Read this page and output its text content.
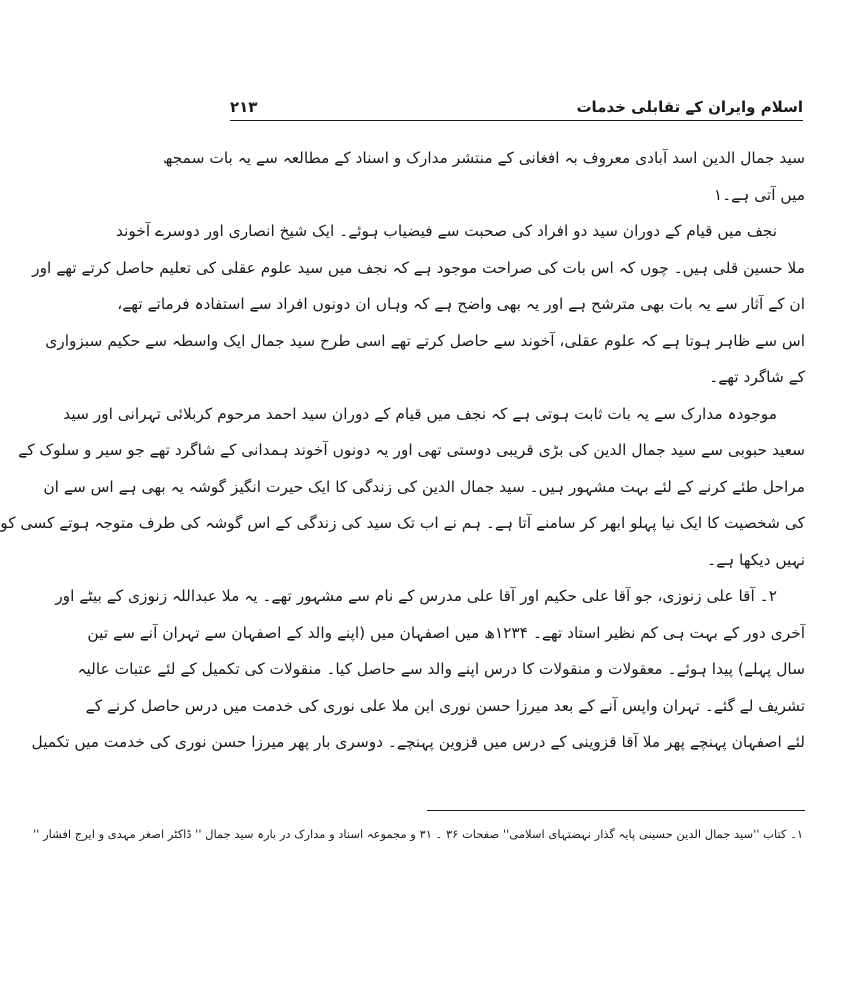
اسلام وایران کے تقابلی خدمات
۲۱۳
سید جمال الدین اسد آبادی معروف بہ افغانی کے منتشر مدارک و اسناد کے مطالعہ سے یہ بات سمجھ
میں آتی ہے۔۱
نجف میں قیام کے دوران سید دو افراد کی صحبت سے فیضیاب ہوئے۔ ایک شیخ انصاری اور دوسرے آخوند
ملا حسین قلی ہیں۔ چوں کہ اس بات کی صراحت موجود ہے کہ نجف میں سید علوم عقلی کی تعلیم حاصل کرتے تھے اور
ان کے آثار سے یہ بات بھی مترشح ہے اور یہ بھی واضح ہے کہ وہاں ان دونوں افراد سے استفادہ فرماتے تھے،
اس سے ظاہر ہوتا ہے کہ علوم عقلی، آخوند سے حاصل کرتے تھے اسی طرح سید جمال ایک واسطہ سے حکیم سبزواری
کے شاگرد تھے۔
موجودہ مدارک سے یہ بات ثابت ہوتی ہے کہ نجف میں قیام کے دوران سید احمد مرحوم کربلائی تہرانی اور سید
سعید حبوبی سے سید جمال الدین کی بڑی قریبی دوستی تھی اور یہ دونوں آخوند ہمدانی کے شاگرد تھے جو سیر و سلوک کے
مراحل طئے کرنے کے لئے بہت مشہور ہیں۔ سید جمال الدین کی زندگی کا ایک حیرت انگیز گوشہ یہ بھی ہے اس سے ان
کی شخصیت کا ایک نیا پہلو ابھر کر سامنے آتا ہے۔ ہم نے اب تک سید کی زندگی کے اس گوشہ کی طرف متوجہ ہوتے کسی کو
نہیں دیکھا ہے۔
۲۔ آقا علی زنوزی، جو آقا علی حکیم اور آقا علی مدرس کے نام سے مشہور تھے۔ یہ ملا عبداللہ زنوزی کے بیٹے اور
آخری دور کے بہت ہی کم نظیر استاد تھے۔ ۱۲۳۴ھ میں اصفہان میں (اپنے والد کے اصفہان سے تہران آنے سے تین
سال پہلے) پیدا ہوئے۔ معقولات و منقولات کا درس اپنے والد سے حاصل کیا۔ منقولات کی تکمیل کے لئے عتبات عالیہ
تشریف لے گئے۔ تہران واپس آنے کے بعد میرزا حسن نوری ابن ملا علی نوری کی خدمت میں درس حاصل کرنے کے
لئے اصفہان پہنچے پھر ملا آقا قزوینی کے درس میں قزوین پہنچے۔ دوسری بار پھر میرزا حسن نوری کی خدمت میں تکمیل
۱۔ کتاب ''سید جمال الدین حسینی پایہ گذار نہضتہای اسلامی'' صفحات ۳۶ ۔ ۳۱ و مجموعہ اسناد و مدارک در بارہ سید جمال '' ڈاکٹر اصغر مہدی و ایرج افشار ''
